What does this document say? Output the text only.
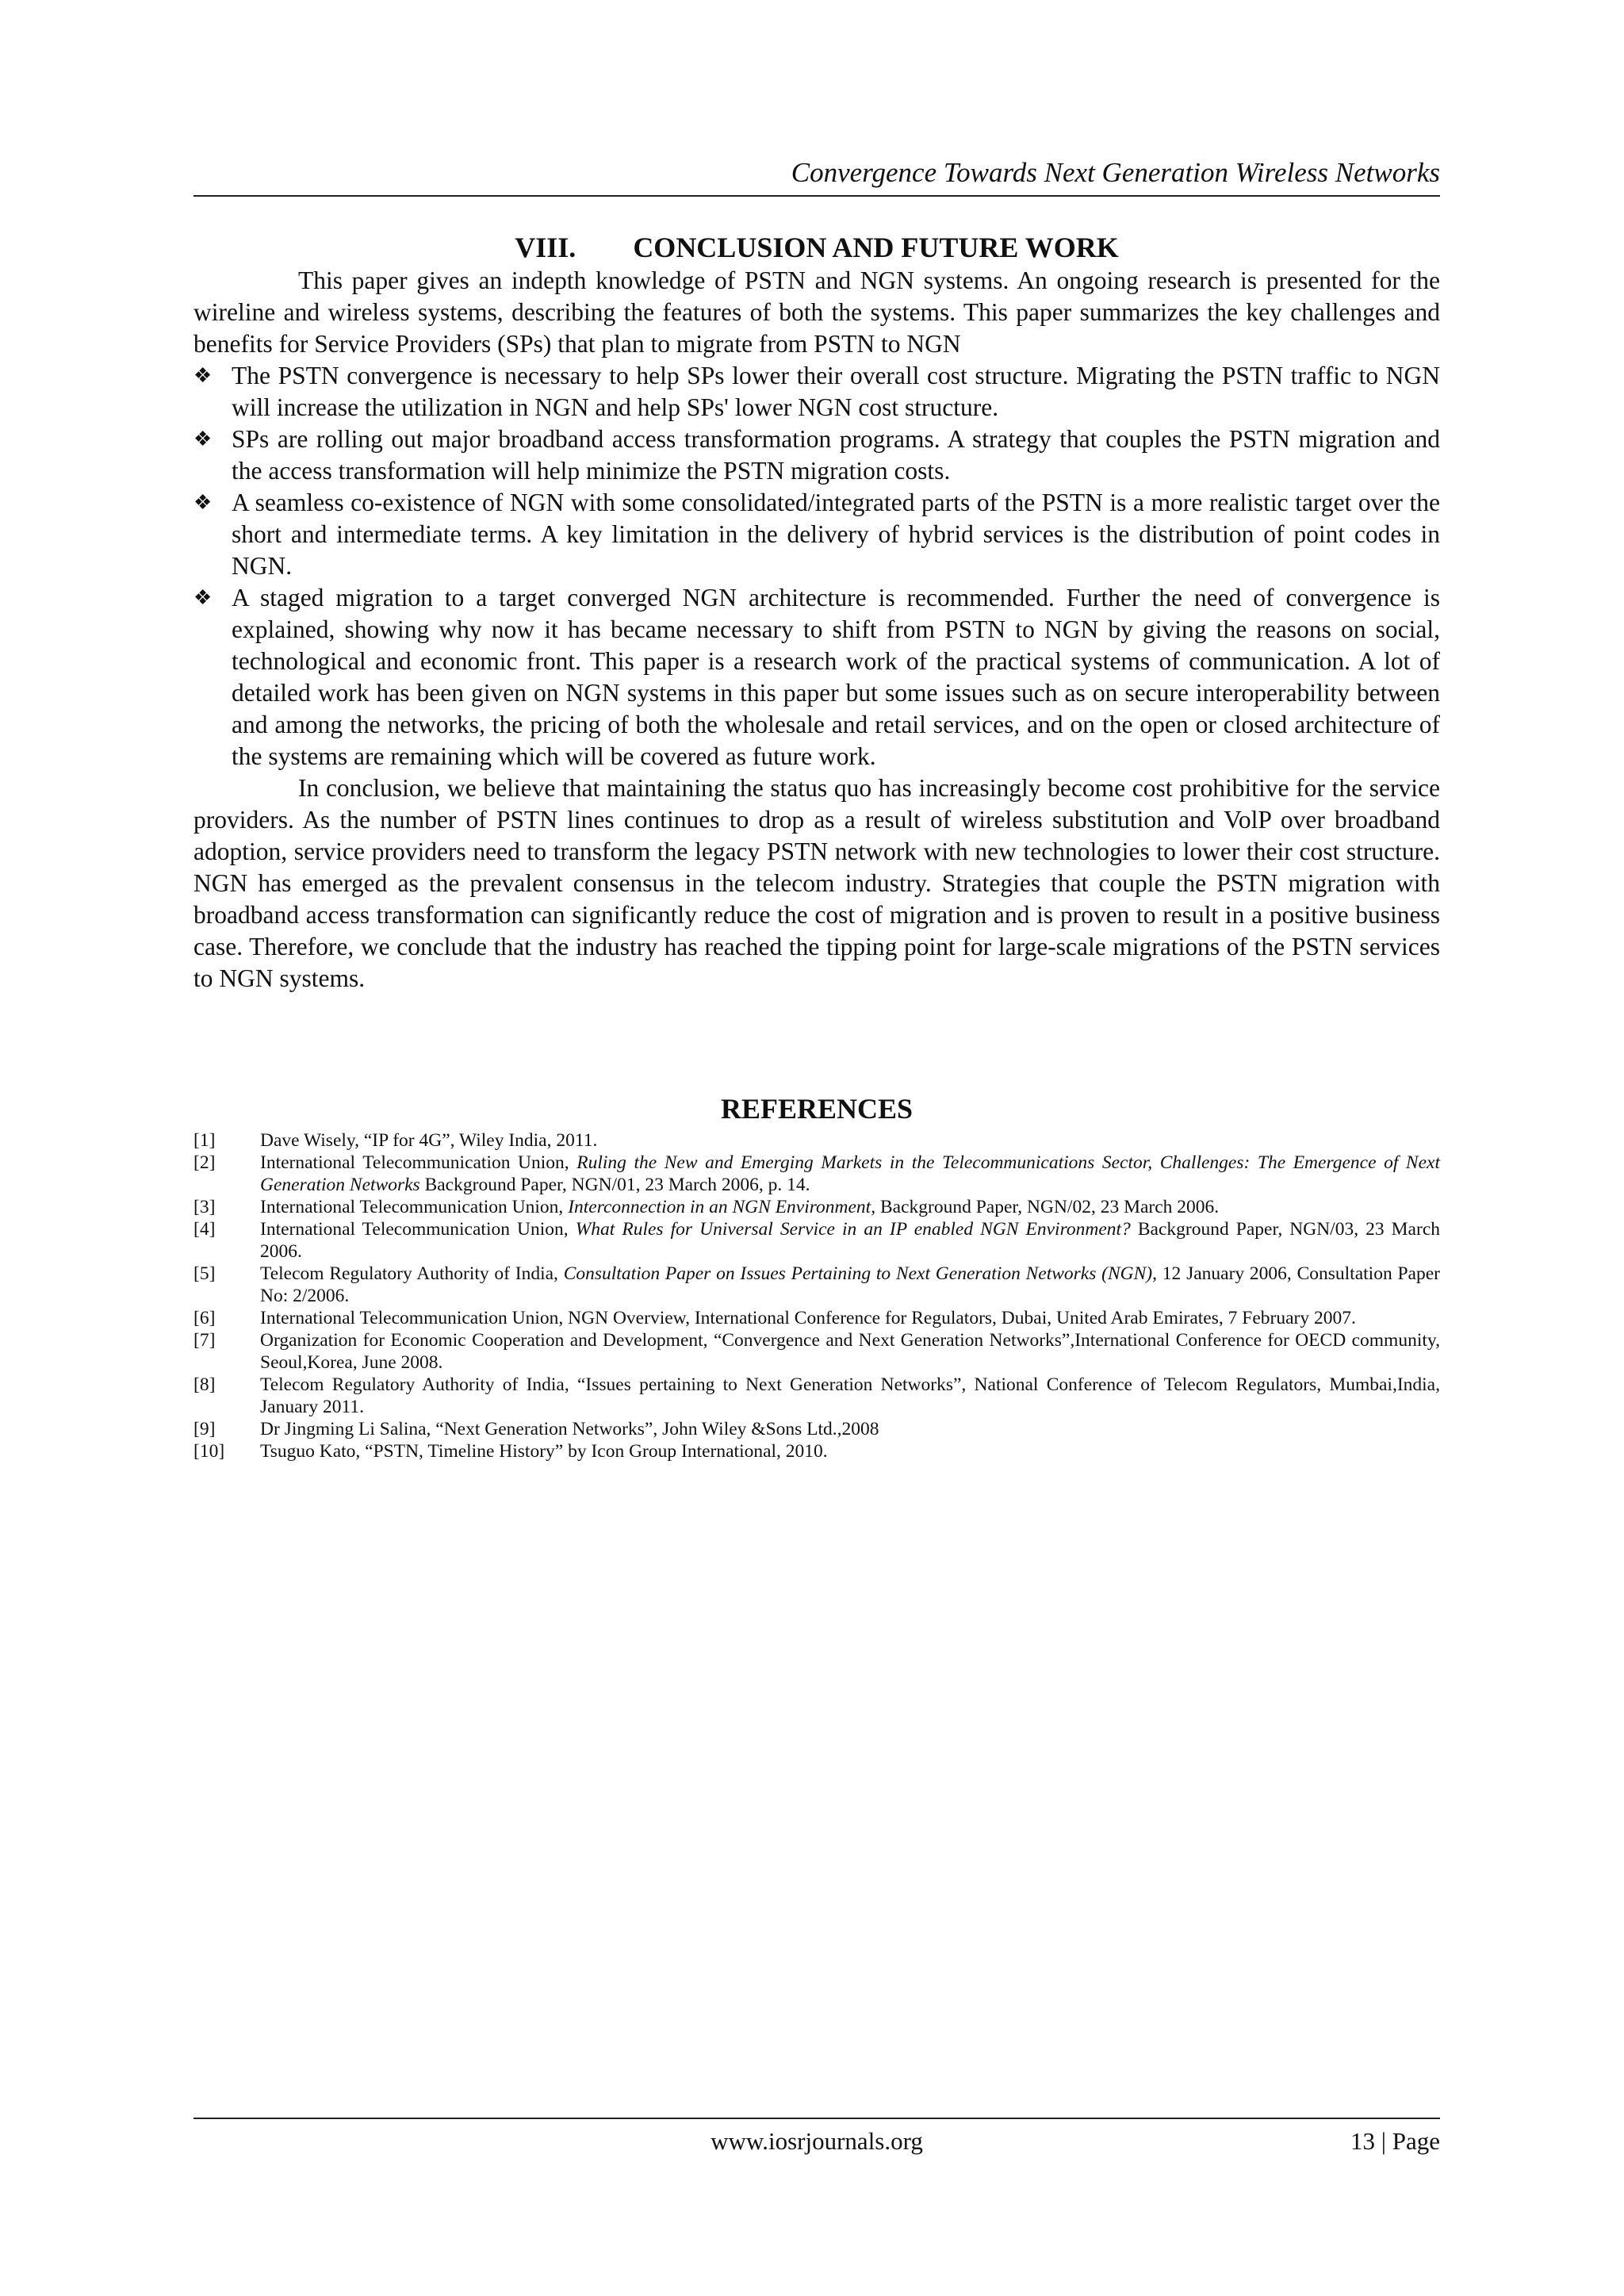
Convergence Towards Next Generation Wireless Networks
VIII. CONCLUSION AND FUTURE WORK

This paper gives an indepth knowledge of PSTN and NGN systems. An ongoing research is presented for the wireline and wireless systems, describing the features of both the systems. This paper summarizes the key challenges and benefits for Service Providers (SPs) that plan to migrate from PSTN to NGN

❖ The PSTN convergence is necessary to help SPs lower their overall cost structure. Migrating the PSTN traffic to NGN will increase the utilization in NGN and help SPs' lower NGN cost structure.
❖ SPs are rolling out major broadband access transformation programs. A strategy that couples the PSTN migration and the access transformation will help minimize the PSTN migration costs.
❖ A seamless co-existence of NGN with some consolidated/integrated parts of the PSTN is a more realistic target over the short and intermediate terms. A key limitation in the delivery of hybrid services is the distribution of point codes in NGN.
❖ A staged migration to a target converged NGN architecture is recommended. Further the need of convergence is explained, showing why now it has became necessary to shift from PSTN to NGN by giving the reasons on social, technological and economic front. This paper is a research work of the practical systems of communication. A lot of detailed work has been given on NGN systems in this paper but some issues such as on secure interoperability between and among the networks, the pricing of both the wholesale and retail services, and on the open or closed architecture of the systems are remaining which will be covered as future work.

In conclusion, we believe that maintaining the status quo has increasingly become cost prohibitive for the service providers. As the number of PSTN lines continues to drop as a result of wireless substitution and VolP over broadband adoption, service providers need to transform the legacy PSTN network with new technologies to lower their cost structure. NGN has emerged as the prevalent consensus in the telecom industry. Strategies that couple the PSTN migration with broadband access transformation can significantly reduce the cost of migration and is proven to result in a positive business case. Therefore, we conclude that the industry has reached the tipping point for large-scale migrations of the PSTN services to NGN systems.

REFERENCES
[1] Dave Wisely, “IP for 4G”, Wiley India, 2011.
[2] International Telecommunication Union, Ruling the New and Emerging Markets in the Telecommunications Sector, Challenges: The Emergence of Next Generation Networks Background Paper, NGN/01, 23 March 2006, p. 14.
[3] International Telecommunication Union, Interconnection in an NGN Environment, Background Paper, NGN/02, 23 March 2006.
[4] International Telecommunication Union, What Rules for Universal Service in an IP enabled NGN Environment? Background Paper, NGN/03, 23 March 2006.
[5] Telecom Regulatory Authority of India, Consultation Paper on Issues Pertaining to Next Generation Networks (NGN), 12 January 2006, Consultation Paper No: 2/2006.
[6] International Telecommunication Union, NGN Overview, International Conference for Regulators, Dubai, United Arab Emirates, 7 February 2007.
[7] Organization for Economic Cooperation and Development, “Convergence and Next Generation Networks”,International Conference for OECD community, Seoul,Korea, June 2008.
[8] Telecom Regulatory Authority of India, “Issues pertaining to Next Generation Networks”, National Conference of Telecom Regulators, Mumbai,India, January 2011.
[9] Dr Jingming Li Salina, “Next Generation Networks”, John Wiley &Sons Ltd.,2008
[10] Tsuguo Kato, “PSTN, Timeline History” by Icon Group International, 2010.
www.iosrjournals.org	13 | Page
